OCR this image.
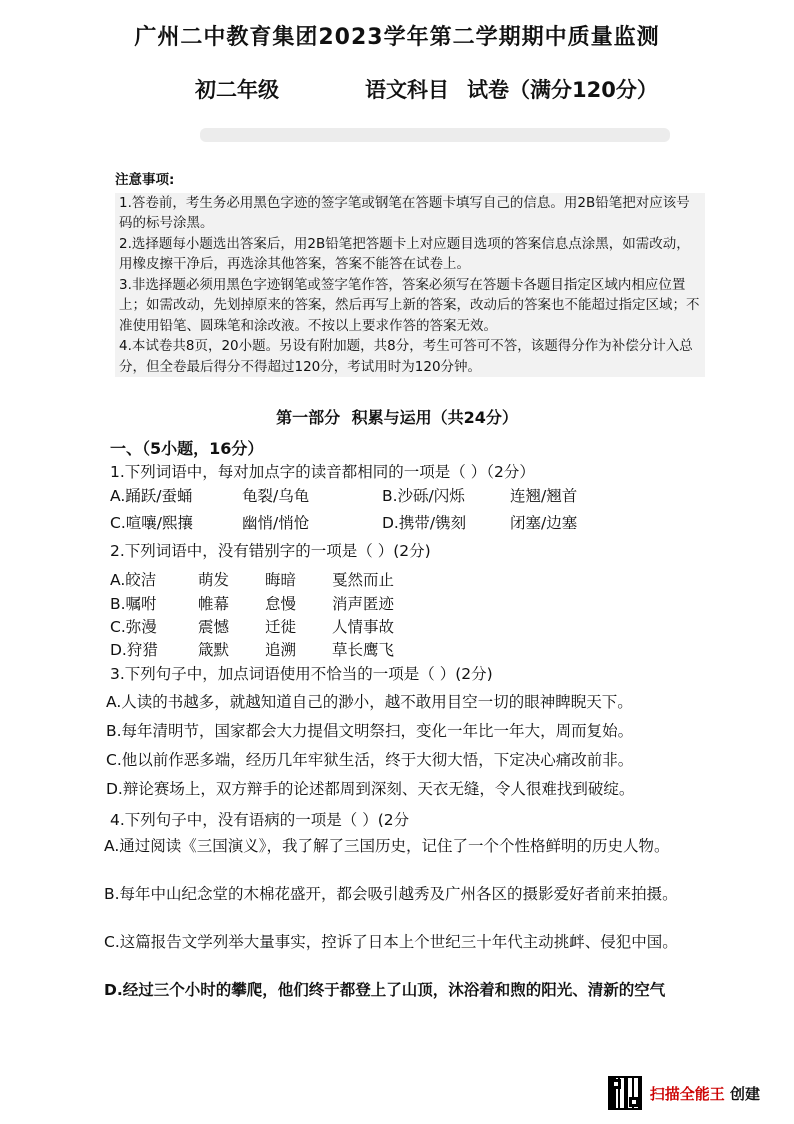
广州二中教育集团2023学年第二学期期中质量监测
初二年级	语文科目 试卷（满分120分）
注意事项:

1.答卷前，考生务必用黑色字迹的签字笔或钢笔在答题卡填写自己的信息。用2B铅笔把对应该号码的标号涂黑。

2.选择题每小题选出答案后，用2B铅笔把答题卡上对应题目选项的答案信息点涂黑，如需改动，用橡皮擦干净后，再选涂其他答案，答案不能答在试卷上。

3.非选择题必须用黑色字迹钢笔或签字笔作答，答案必须写在答题卡各题目指定区域内相应位置上；如需改动，先划掉原来的答案，然后再写上新的答案，改动后的答案也不能超过指定区域；不准使用铅笔、圆珠笔和涂改液。不按以上要求作答的答案无效。

4.本试卷共8页，20小题。另设有附加题，共8分，考生可答可不答，该题得分作为补偿分计入总分，但全卷最后得分不得超过120分，考试用时为120分钟。

第一部分 积累与运用（共24分）
一、（5小题，16分）
1.下列词语中，每对加点字的读音都相同的一项是（ ）（2分）
A.踊跃/蚕蛹	龟裂/乌龟	B.沙砾/闪烁	连翘/翘首
C.喧嚷/熙攘	幽悄/悄怆	D.携带/镌刻	闭塞/边塞
2.下列词语中，没有错别字的一项是（ ）(2分)
A.皎洁	萌发 晦暗 戛然而止
B.嘱咐	帷幕 怠慢 消声匿迹
C.弥漫	震憾 迁徙 人情事故
D.狩猎	箴默 追溯 草长鹰飞
3.下列句子中，加点词语使用不恰当的一项是（ ）(2分)
A.人读的书越多，就越知道自己的渺小，越不敢用目空一切的眼神睥睨天下。
B.每年清明节，国家都会大力提倡文明祭扫，变化一年比一年大，周而复始。
C.他以前作恶多端，经历几年牢狱生活，终于大彻大悟，下定决心痛改前非。
D.辩论赛场上，双方辩手的论述都周到深刻、天衣无缝，令人很难找到破绽。
4.下列句子中，没有语病的一项是（ ）(2分
A.通过阅读《三国演义》，我了解了三国历史，记住了一个个性格鲜明的历史人物。
B.每年中山纪念堂的木棉花盛开，都会吸引越秀及广州各区的摄影爱好者前来拍摄。
C.这篇报告文学列举大量事实，控诉了日本上个世纪三十年代主动挑衅、侵犯中国。
D.经过三个小时的攀爬，他们终于都登上了山顶，沐浴着和煦的阳光、清新的空气
扫描全能王 创建
